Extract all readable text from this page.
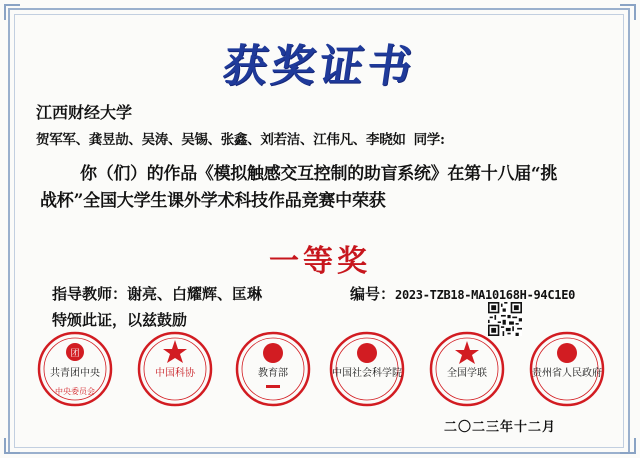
获奖证书
江西财经大学
贺军军、龚昱劼、吴涛、吴锡、张鑫、刘若洁、江伟凡、李晓如 同学:
你（们）的作品《模拟触感交互控制的助盲系统》在第十八届“挑
战杯”全国大学生课外学术科技作品竞赛中荣获
一等奖
指导教师：谢亮、白耀辉、匡琳	编号：2023-TZB18-MA10168H-94C1E0
特颁此证，以兹鼓励
团
中央委员会
共青团中央	中国科协	教育部	中国社会科学院	全国学联	贵州省人民政府
二〇二三年十二月
